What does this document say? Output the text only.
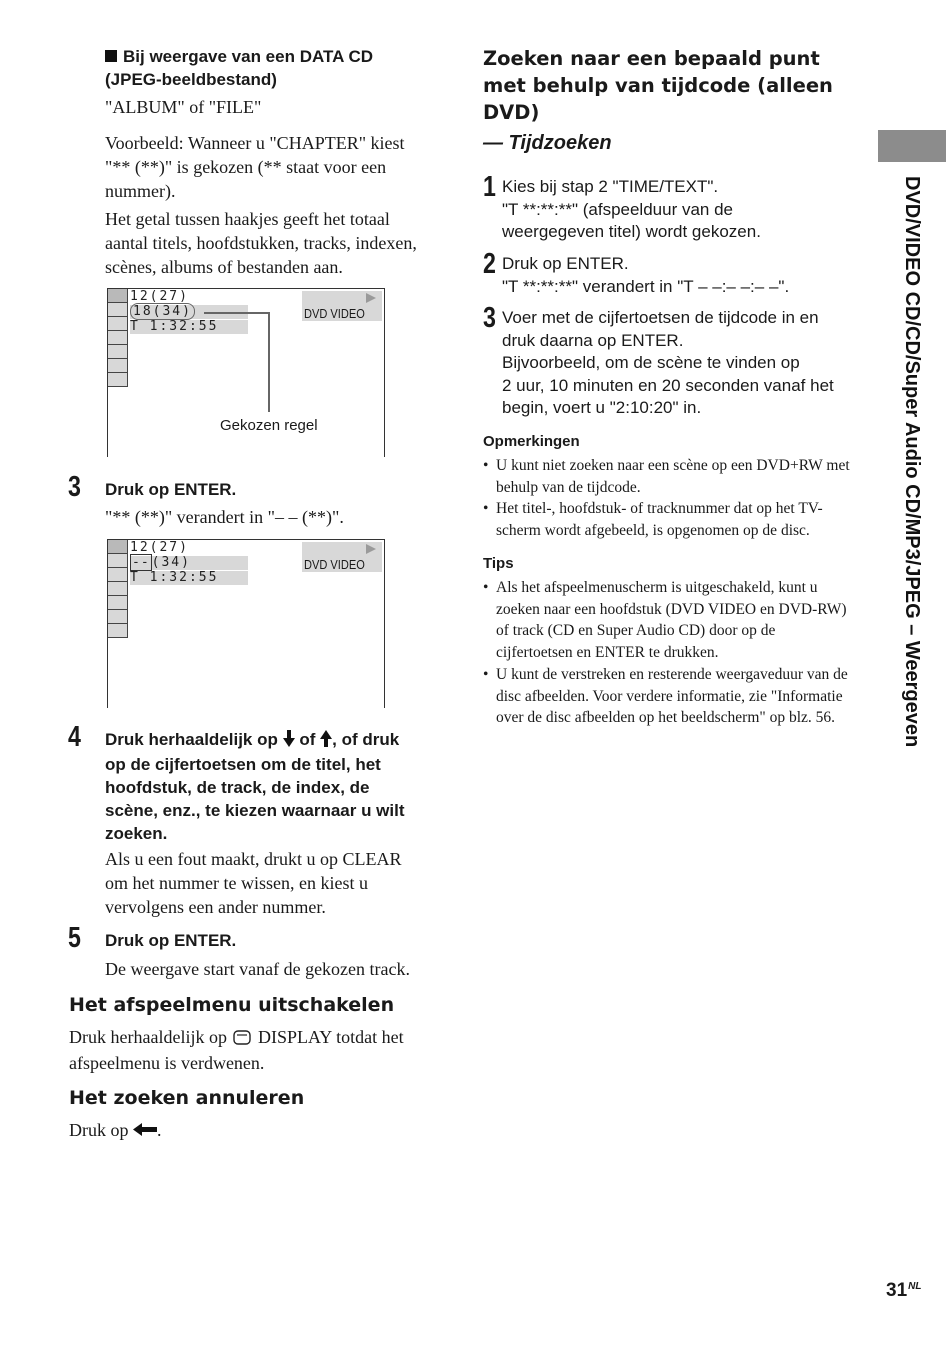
Bij weergave van een DATA CD
(JPEG-beeldbestand)
"ALBUM" of "FILE"
Voorbeeld: Wanneer u "CHAPTER" kiest
"** (**)" is gekozen (** staat voor een
nummer).
Het getal tussen haakjes geeft het totaal
aantal titels, hoofdstukken, tracks, indexen,
scènes, albums of bestanden aan.
12(27)
18(34)
T 1:32:55
DVD VIDEO
Gekozen regel
3 Druk op ENTER.
"** (**)" verandert in "– – (**)".
12(27)
-- (34)
T 1:32:55
DVD VIDEO
4 Druk herhaaldelijk op of , of druk
op de cijfertoetsen om de titel, het
hoofdstuk, de track, de index, de
scène, enz., te kiezen waarnaar u wilt
zoeken.
Als u een fout maakt, drukt u op CLEAR
om het nummer te wissen, en kiest u
vervolgens een ander nummer.
5 Druk op ENTER.
De weergave start vanaf de gekozen track.
Het afspeelmenu uitschakelen
Druk herhaaldelijk op DISPLAY totdat het
afspeelmenu is verdwenen.
Het zoeken annuleren
Druk op .
Zoeken naar een bepaald punt
met behulp van tijdcode (alleen
DVD)
— Tijdzoeken
1 Kies bij stap 2 "TIME/TEXT".
"T **:**:**" (afspeelduur van de
weergegeven titel) wordt gekozen.
2 Druk op ENTER.
"T **:**:**" verandert in "T – –:– –:– –".
3 Voer met de cijfertoetsen de tijdcode in en
druk daarna op ENTER.
Bijvoorbeeld, om de scène te vinden op
2 uur, 10 minuten en 20 seconden vanaf het
begin, voert u "2:10:20" in.
Opmerkingen
• U kunt niet zoeken naar een scène op een DVD+RW met behulp van de tijdcode.
• Het titel-, hoofdstuk- of tracknummer dat op het TV-scherm wordt afgebeeld, is opgenomen op de disc.
Tips
• Als het afspeelmenuscherm is uitgeschakeld, kunt u zoeken naar een hoofdstuk (DVD VIDEO en DVD-RW) of track (CD en Super Audio CD) door op de cijfertoetsen en ENTER te drukken.
• U kunt de verstreken en resterende weergaveduur van de disc afbeelden. Voor verdere informatie, zie "Informatie over de disc afbeelden op het beeldscherm" op blz. 56.	DVD/VIDEO CD/CD/Super Audio CD/MP3/JPEG – Weergeven
$31^{NL}$
